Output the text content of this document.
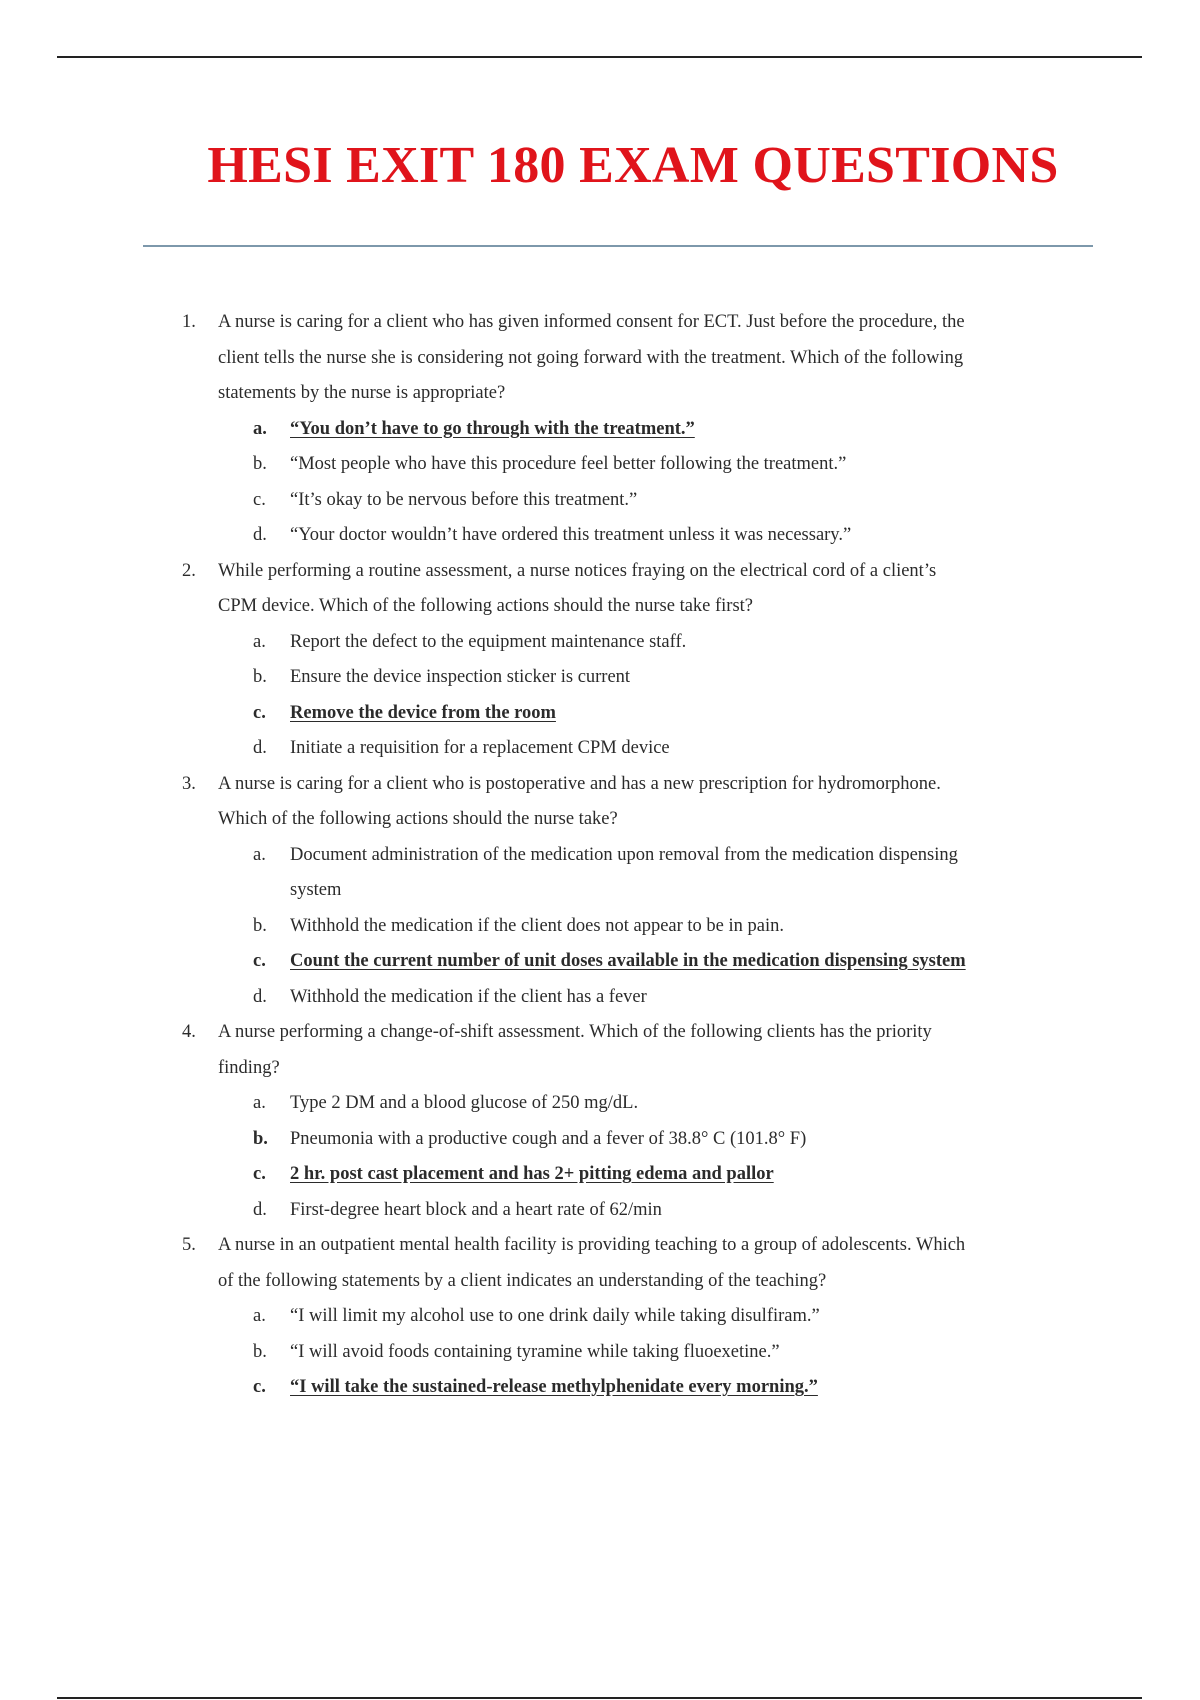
HESI EXIT 180 EXAM QUESTIONS
1. A nurse is caring for a client who has given informed consent for ECT. Just before the procedure, the
client tells the nurse she is considering not going forward with the treatment. Which of the following
statements by the nurse is appropriate?
a. “You don’t have to go through with the treatment.”
b. “Most people who have this procedure feel better following the treatment.”
c. “It’s okay to be nervous before this treatment.”
d. “Your doctor wouldn’t have ordered this treatment unless it was necessary.”
2. While performing a routine assessment, a nurse notices fraying on the electrical cord of a client’s
CPM device. Which of the following actions should the nurse take first?
a. Report the defect to the equipment maintenance staff.
b. Ensure the device inspection sticker is current
c. Remove the device from the room
d. Initiate a requisition for a replacement CPM device
3. A nurse is caring for a client who is postoperative and has a new prescription for hydromorphone.
Which of the following actions should the nurse take?
a. Document administration of the medication upon removal from the medication dispensing
system
b. Withhold the medication if the client does not appear to be in pain.
c. Count the current number of unit doses available in the medication dispensing system
d. Withhold the medication if the client has a fever
4. A nurse performing a change-of-shift assessment. Which of the following clients has the priority
finding?
a. Type 2 DM and a blood glucose of 250 mg/dL.
b. Pneumonia with a productive cough and a fever of 38.8° C (101.8° F)
c. 2 hr. post cast placement and has 2+ pitting edema and pallor
d. First-degree heart block and a heart rate of 62/min
5. A nurse in an outpatient mental health facility is providing teaching to a group of adolescents. Which
of the following statements by a client indicates an understanding of the teaching?
a. “I will limit my alcohol use to one drink daily while taking disulfiram.”
b. “I will avoid foods containing tyramine while taking fluoexetine.”
c. “I will take the sustained-release methylphenidate every morning.”
